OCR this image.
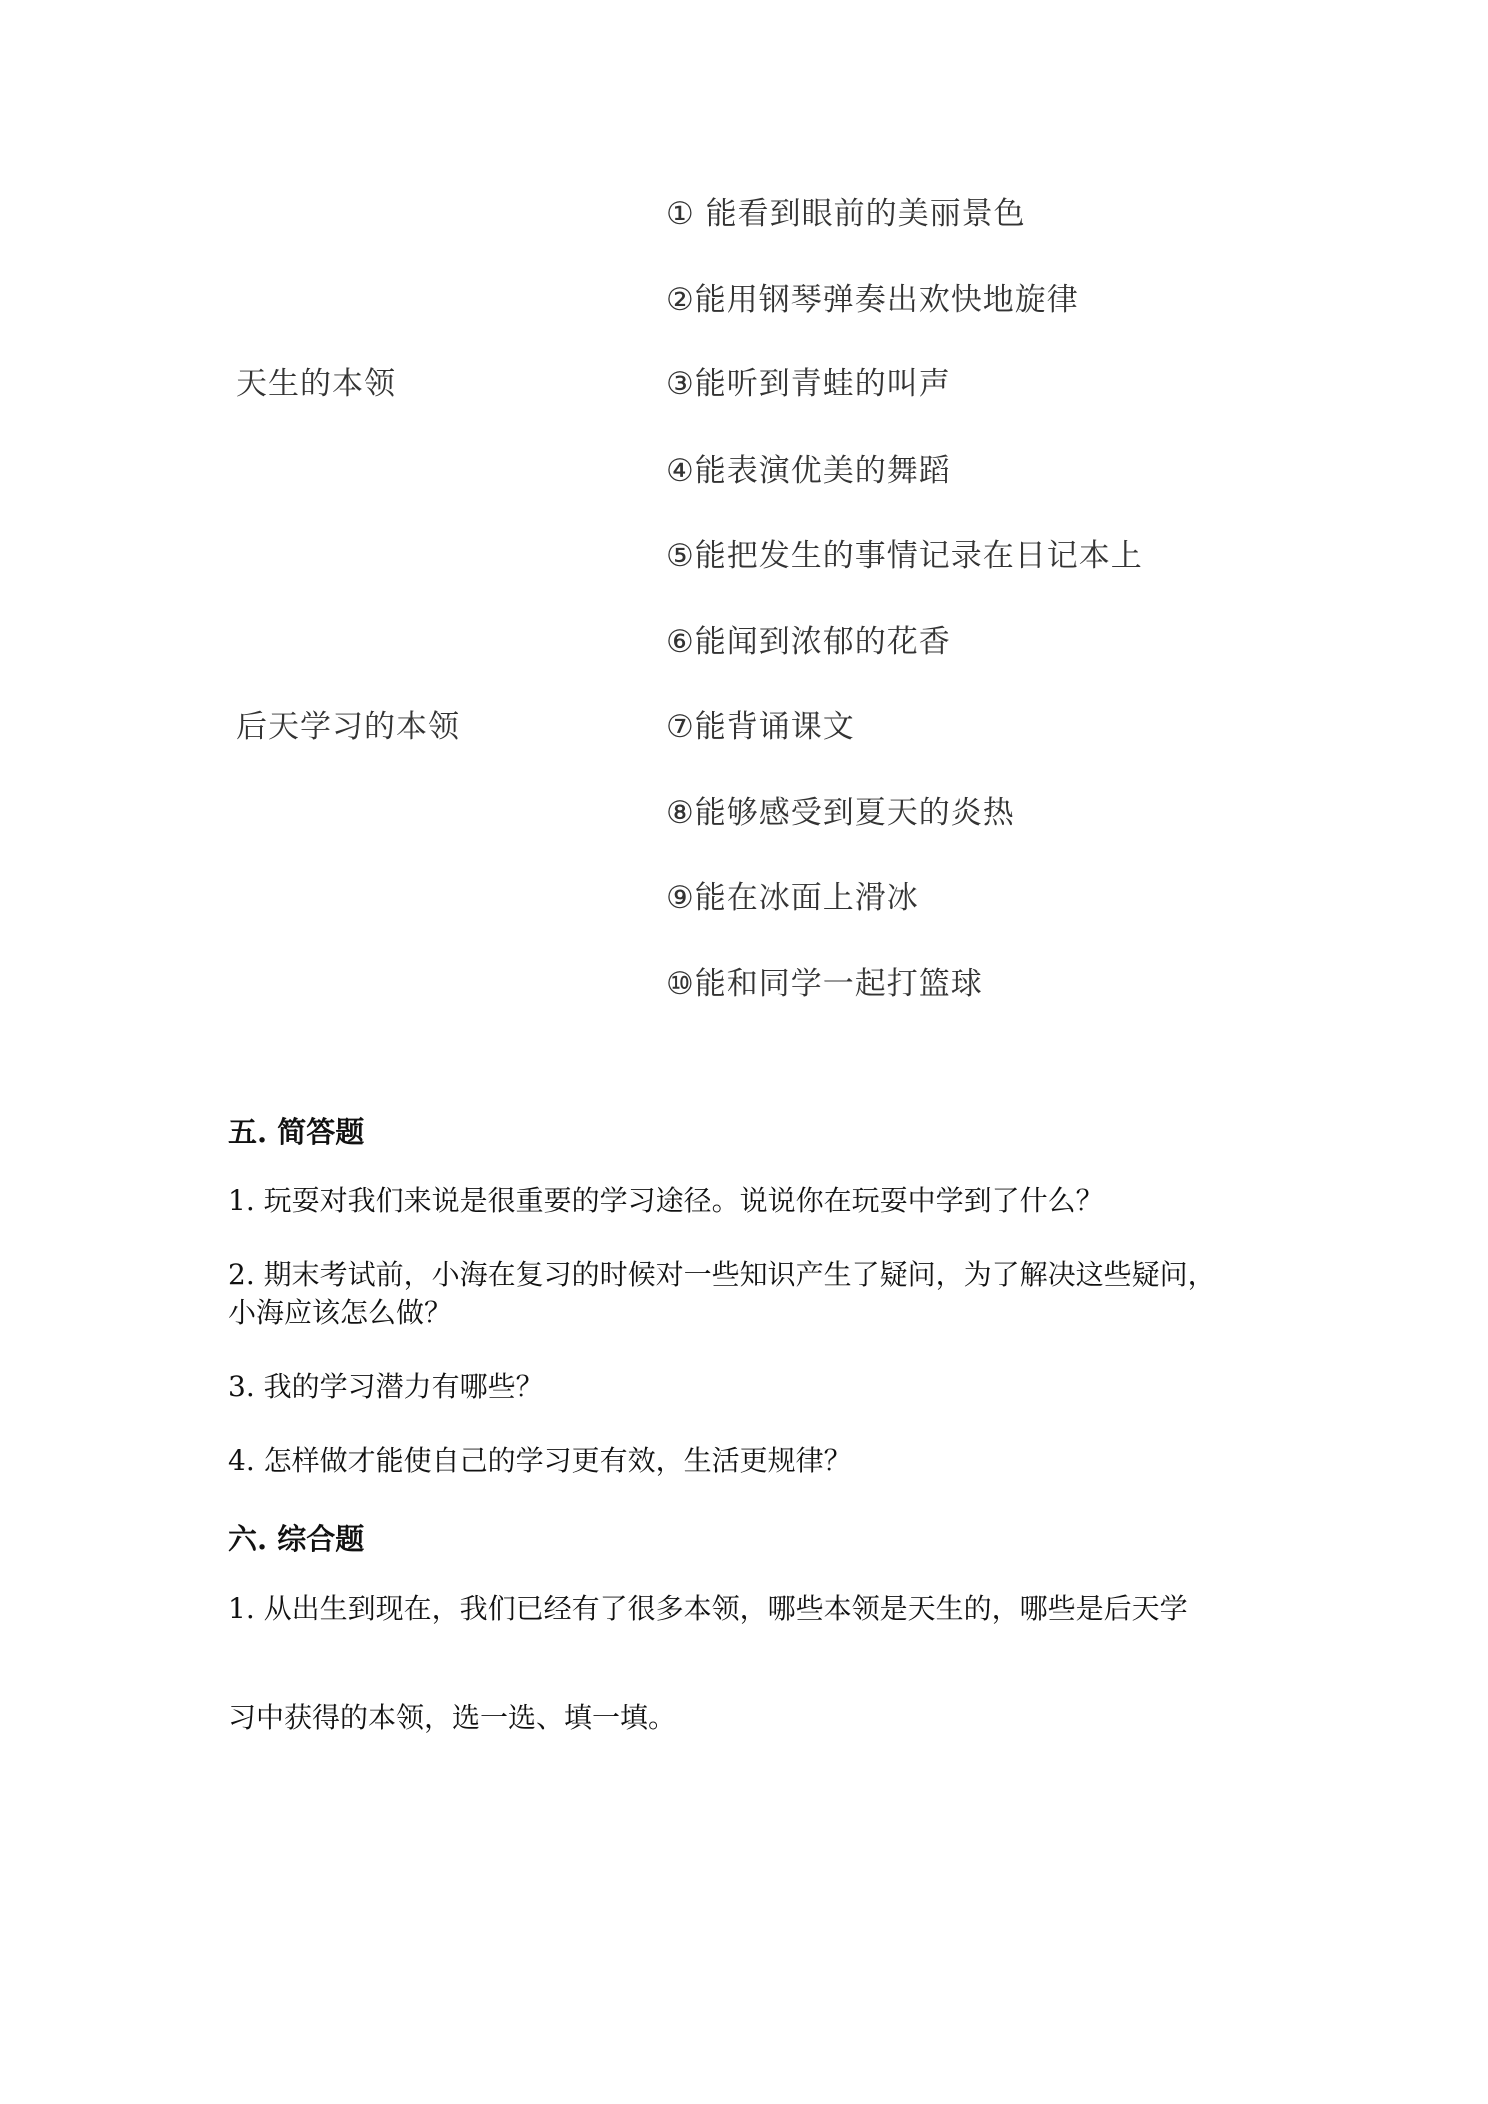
天生的本领
后天学习的本领
① 能看到眼前的美丽景色
②能用钢琴弹奏出欢快地旋律
③能听到青蛙的叫声
④能表演优美的舞蹈
⑤能把发生的事情记录在日记本上
⑥能闻到浓郁的花香
⑦能背诵课文
⑧能够感受到夏天的炎热
⑨能在冰面上滑冰
⑩能和同学一起打篮球
五. 简答题
1. 玩耍对我们来说是很重要的学习途径。说说你在玩耍中学到了什么？
2. 期末考试前，小海在复习的时候对一些知识产生了疑问，为了解决这些疑问，
小海应该怎么做？
3. 我的学习潜力有哪些？
4. 怎样做才能使自己的学习更有效，生活更规律？
六. 综合题
1. 从出生到现在，我们已经有了很多本领，哪些本领是天生的，哪些是后天学
习中获得的本领，选一选、填一填。
